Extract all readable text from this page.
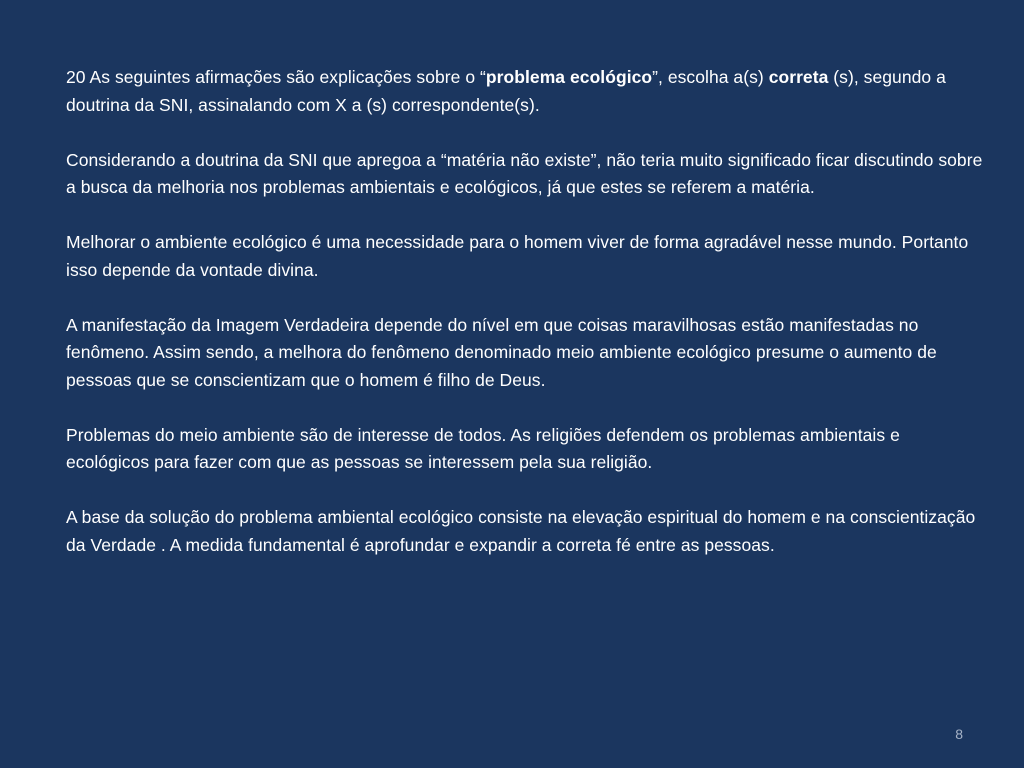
20 As seguintes afirmações são explicações sobre o “problema ecológico”, escolha a(s) correta (s), segundo a doutrina da SNI, assinalando com X a (s) correspondente(s).

Considerando a doutrina da SNI que apregoa a “matéria não existe”, não teria muito significado ficar discutindo sobre a busca da melhoria nos problemas ambientais e ecológicos, já que estes se referem a matéria.

Melhorar o ambiente ecológico é uma necessidade para o homem viver de forma agradável nesse mundo. Portanto isso depende da vontade divina.

A manifestação da Imagem Verdadeira depende do nível em que coisas maravilhosas estão manifestadas no fenômeno. Assim sendo, a melhora do fenômeno denominado meio ambiente ecológico presume o aumento de pessoas que se conscientizam que o homem é filho de Deus.

Problemas do meio ambiente são de interesse de todos. As religiões defendem os problemas ambientais e ecológicos para fazer com que as pessoas se interessem pela sua religião.

A base da solução do problema ambiental ecológico consiste na elevação espiritual do homem e na conscientização da Verdade . A medida fundamental é aprofundar e expandir a correta fé entre as pessoas.

8
